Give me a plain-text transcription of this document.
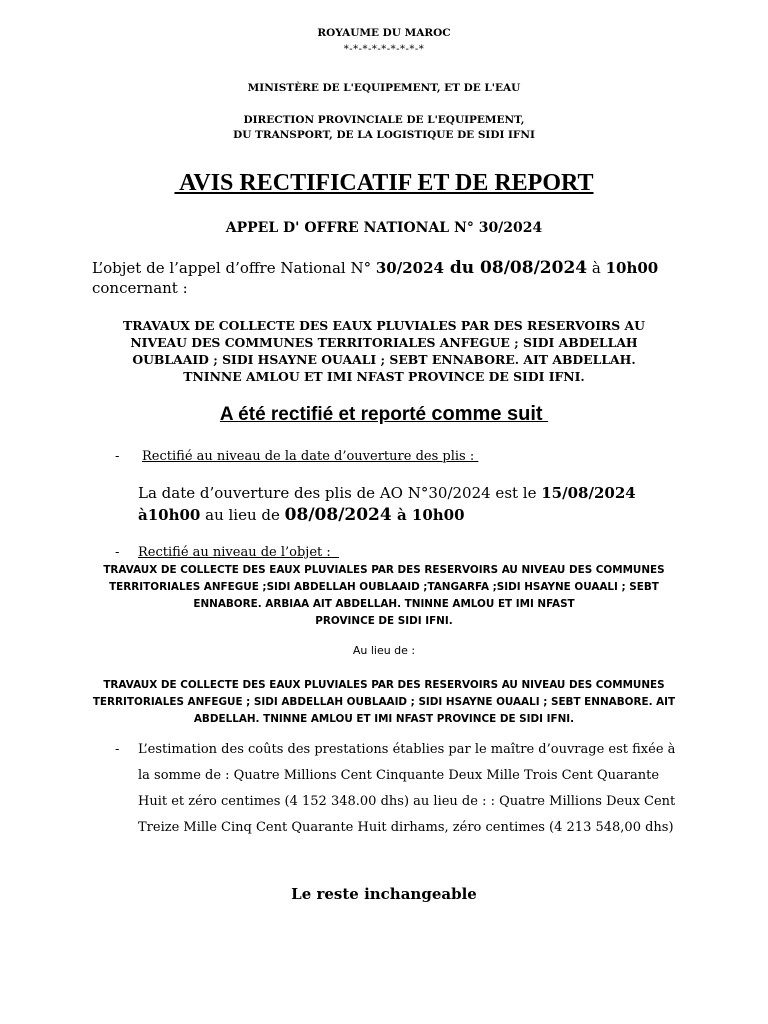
ROYAUME DU MAROC
*-*-*-*-*-*-*-*-*
MINISTÈRE DE L'EQUIPEMENT, ET DE L'EAU
DIRECTION PROVINCIALE DE L'EQUIPEMENT,
DU TRANSPORT, DE LA LOGISTIQUE DE SIDI IFNI
AVIS RECTIFICATIF ET DE REPORT
APPEL D' OFFRE NATIONAL N° 30/2024
L’objet de l’appel d’offre National N° 30/2024 du 08/08/2024 à 10h00
concernant :
TRAVAUX DE COLLECTE DES EAUX PLUVIALES PAR DES RESERVOIRS AU
NIVEAU DES COMMUNES TERRITORIALES ANFEGUE ; SIDI ABDELLAH
OUBLAAID ; SIDI HSAYNE OUAALI ; SEBT ENNABORE. AIT ABDELLAH.
TNINNE AMLOU ET IMI NFAST PROVINCE DE SIDI IFNI.
A été rectifié et reporté comme suit
- Rectifié au niveau de la date d’ouverture des plis :
La date d’ouverture des plis de AO N°30/2024 est le 15/08/2024
à10h00 au lieu de 08/08/2024 à 10h00
- Rectifié au niveau de l’objet :
TRAVAUX DE COLLECTE DES EAUX PLUVIALES PAR DES RESERVOIRS AU NIVEAU DES COMMUNES
TERRITORIALES ANFEGUE ;SIDI ABDELLAH OUBLAAID ;TANGARFA ;SIDI HSAYNE OUAALI ; SEBT
ENNABORE. ARBIAA AIT ABDELLAH. TNINNE AMLOU ET IMI NFAST
PROVINCE DE SIDI IFNI.
Au lieu de :
TRAVAUX DE COLLECTE DES EAUX PLUVIALES PAR DES RESERVOIRS AU NIVEAU DES COMMUNES
TERRITORIALES ANFEGUE ; SIDI ABDELLAH OUBLAAID ; SIDI HSAYNE OUAALI ; SEBT ENNABORE. AIT
ABDELLAH. TNINNE AMLOU ET IMI NFAST PROVINCE DE SIDI IFNI.
- L’estimation des coûts des prestations établies par le maître d’ouvrage est fixée à
la somme de : Quatre Millions Cent Cinquante Deux Mille Trois Cent Quarante
Huit et zéro centimes (4 152 348.00 dhs) au lieu de : : Quatre Millions Deux Cent
Treize Mille Cinq Cent Quarante Huit dirhams, zéro centimes (4 213 548,00 dhs)
Le reste inchangeable
